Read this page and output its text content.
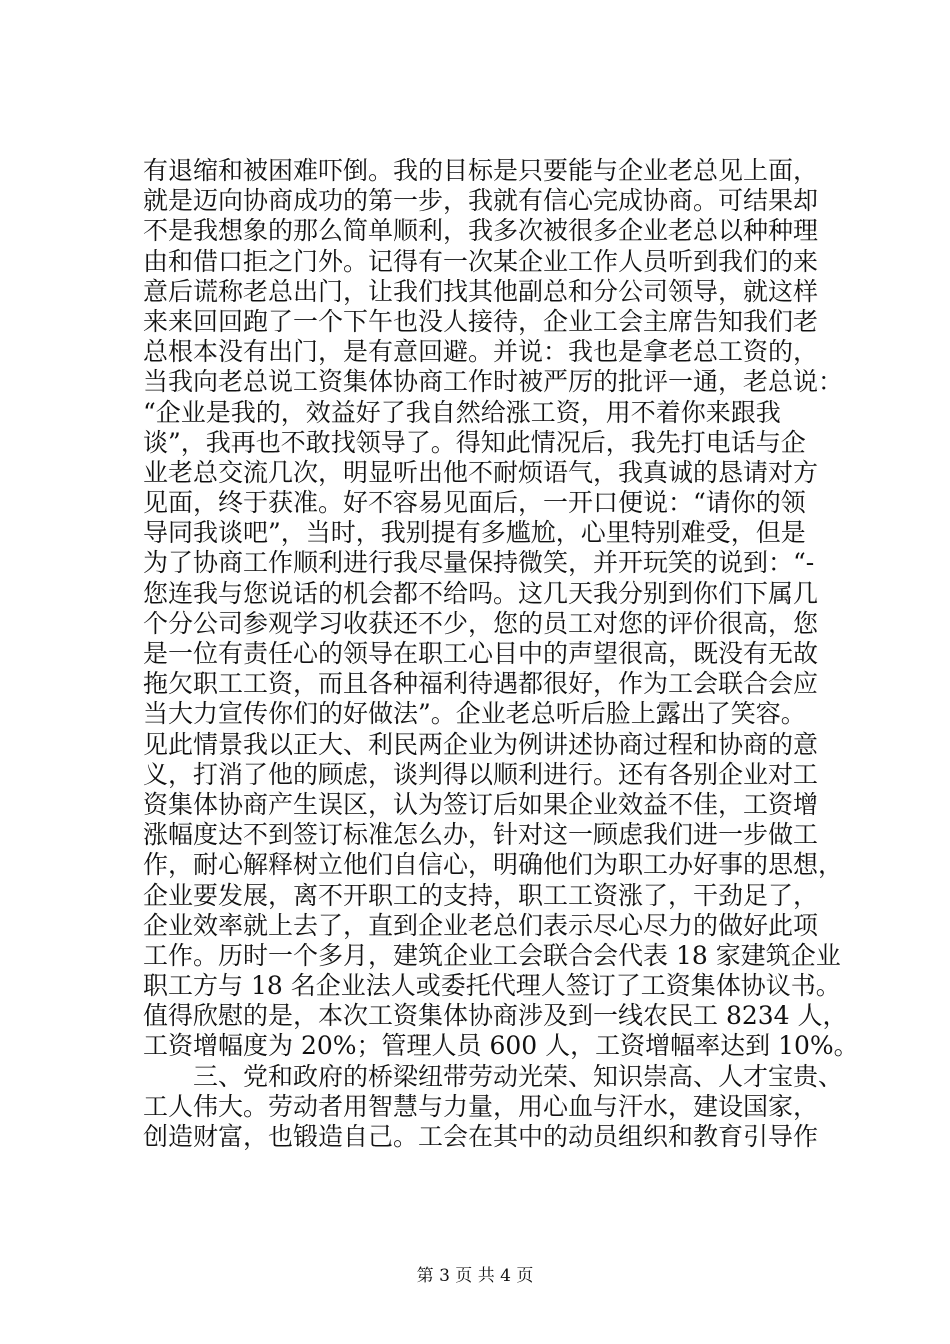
有退缩和被困难吓倒。我的目标是只要能与企业老总见上面，
就是迈向协商成功的第一步，我就有信心完成协商。可结果却
不是我想象的那么简单顺利，我多次被很多企业老总以种种理
由和借口拒之门外。记得有一次某企业工作人员听到我们的来
意后谎称老总出门，让我们找其他副总和分公司领导，就这样
来来回回跑了一个下午也没人接待，企业工会主席告知我们老
总根本没有出门，是有意回避。并说：我也是拿老总工资的，
当我向老总说工资集体协商工作时被严厉的批评一通，老总说：
“企业是我的，效益好了我自然给涨工资，用不着你来跟我
谈”，我再也不敢找领导了。得知此情况后，我先打电话与企
业老总交流几次，明显听出他不耐烦语气，我真诚的恳请对方
见面，终于获准。好不容易见面后，一开口便说：“请你的领
导同我谈吧”，当时，我别提有多尴尬，心里特别难受，但是
为了协商工作顺利进行我尽量保持微笑，并开玩笑的说到：“-
您连我与您说话的机会都不给吗。这几天我分别到你们下属几
个分公司参观学习收获还不少，您的员工对您的评价很高，您
是一位有责任心的领导在职工心目中的声望很高，既没有无故
拖欠职工工资，而且各种福利待遇都很好，作为工会联合会应
当大力宣传你们的好做法”。企业老总听后脸上露出了笑容。
见此情景我以正大、利民两企业为例讲述协商过程和协商的意
义，打消了他的顾虑，谈判得以顺利进行。还有各别企业对工
资集体协商产生误区，认为签订后如果企业效益不佳，工资增
涨幅度达不到签订标准怎么办，针对这一顾虑我们进一步做工
作，耐心解释树立他们自信心，明确他们为职工办好事的思想，
企业要发展，离不开职工的支持，职工工资涨了，干劲足了，
企业效率就上去了，直到企业老总们表示尽心尽力的做好此项
工作。历时一个多月，建筑企业工会联合会代表 18 家建筑企业
职工方与 18 名企业法人或委托代理人签订了工资集体协议书。
值得欣慰的是，本次工资集体协商涉及到一线农民工 8234 人，
工资增幅度为 20%；管理人员 600 人，工资增幅率达到 10%。
　　三、党和政府的桥梁纽带劳动光荣、知识崇高、人才宝贵、
工人伟大。劳动者用智慧与力量，用心血与汗水，建设国家，
创造财富，也锻造自己。工会在其中的动员组织和教育引导作
第 3 页 共 4 页
